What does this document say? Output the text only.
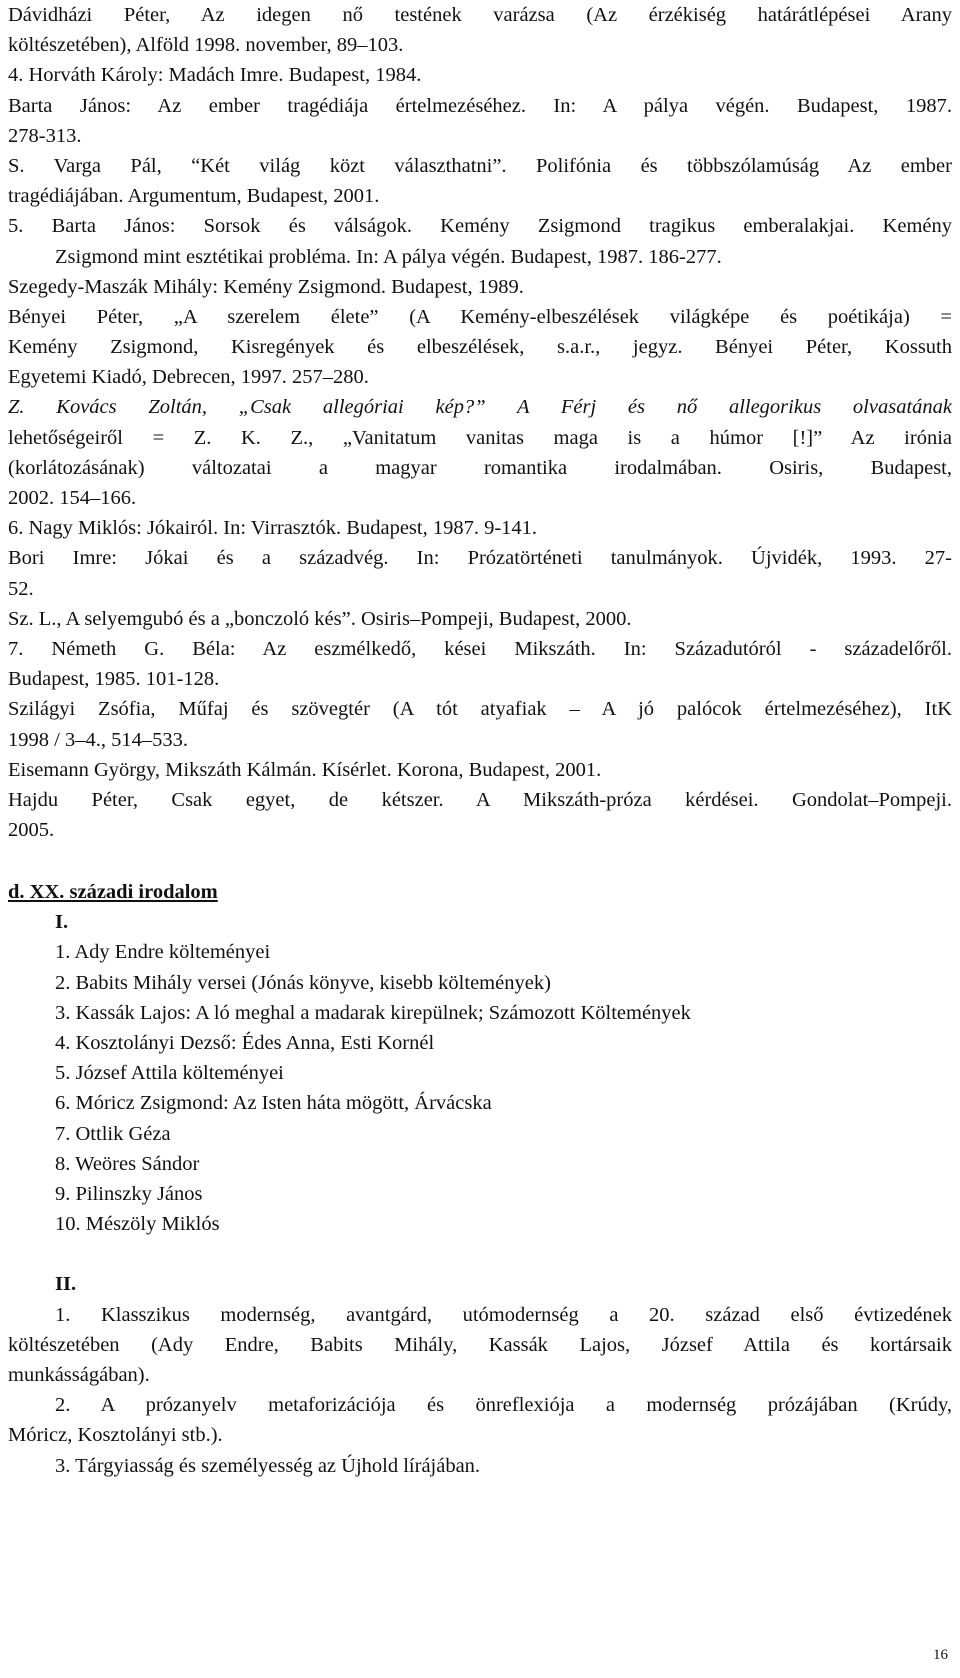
Dávidházi Péter, Az idegen nő testének varázsa (Az érzékiség határátlépései Arany
költészetében), Alföld 1998. november, 89–103.
4. Horváth Károly: Madách Imre. Budapest, 1984.
Barta János: Az ember tragédiája értelmezéséhez. In: A pálya végén. Budapest, 1987.
278-313.
S. Varga Pál, “Két világ közt választhatni”. Polifónia és többszólamúság Az ember
tragédiájában. Argumentum, Budapest, 2001.
5. Barta János: Sorsok és válságok. Kemény Zsigmond tragikus emberalakjai. Kemény
Zsigmond mint esztétikai probléma. In: A pálya végén. Budapest, 1987. 186-277.
Szegedy-Maszák Mihály: Kemény Zsigmond. Budapest, 1989.
Bényei Péter, „A szerelem élete” (A Kemény-elbeszélések világképe és poétikája) =
Kemény Zsigmond, Kisregények és elbeszélések, s.a.r., jegyz. Bényei Péter, Kossuth
Egyetemi Kiadó, Debrecen, 1997. 257–280.
Z. Kovács Zoltán, „Csak allegóriai kép?” A Férj és nő allegorikus olvasatának
lehetőségeiről = Z. K. Z., „Vanitatum vanitas maga is a húmor [!]” Az irónia
(korlátozásának) változatai a magyar romantika irodalmában. Osiris, Budapest,
2002. 154–166.
6. Nagy Miklós: Jókairól. In: Virrasztók. Budapest, 1987. 9-141.
Bori Imre: Jókai és a századvég. In: Prózatörténeti tanulmányok. Újvidék, 1993. 27-
52.
Sz. L., A selyemgubó és a „bonczoló kés”. Osiris–Pompeji, Budapest, 2000.
7. Németh G. Béla: Az eszmélkedő, kései Mikszáth. In: Századutóról - századelőről.
Budapest, 1985. 101-128.
Szilágyi Zsófia, Műfaj és szövegtér (A tót atyafiak – A jó palócok értelmezéséhez), ItK
1998 / 3–4., 514–533.
Eisemann György, Mikszáth Kálmán. Kísérlet. Korona, Budapest, 2001.
Hajdu Péter, Csak egyet, de kétszer. A Mikszáth-próza kérdései. Gondolat–Pompeji.
2005.
d. XX. századi irodalom
I.
1. Ady Endre költeményei
2. Babits Mihály versei (Jónás könyve, kisebb költemények)
3. Kassák Lajos: A ló meghal a madarak kirepülnek; Számozott Költemények
4. Kosztolányi Dezső: Édes Anna, Esti Kornél
5. József Attila költeményei
6. Móricz Zsigmond: Az Isten háta mögött, Árvácska
7. Ottlik Géza
8. Weöres Sándor
9. Pilinszky János
10. Mészöly Miklós
II.
1. Klasszikus modernség, avantgárd, utómodernség a 20. század első évtizedének
költészetében (Ady Endre, Babits Mihály, Kassák Lajos, József Attila és kortársaik
munkásságában).
2. A prózanyelv metaforizációja és önreflexiója a modernség prózájában (Krúdy,
Móricz, Kosztolányi stb.).
3. Tárgyiasság és személyesség az Újhold lírájában.
16
